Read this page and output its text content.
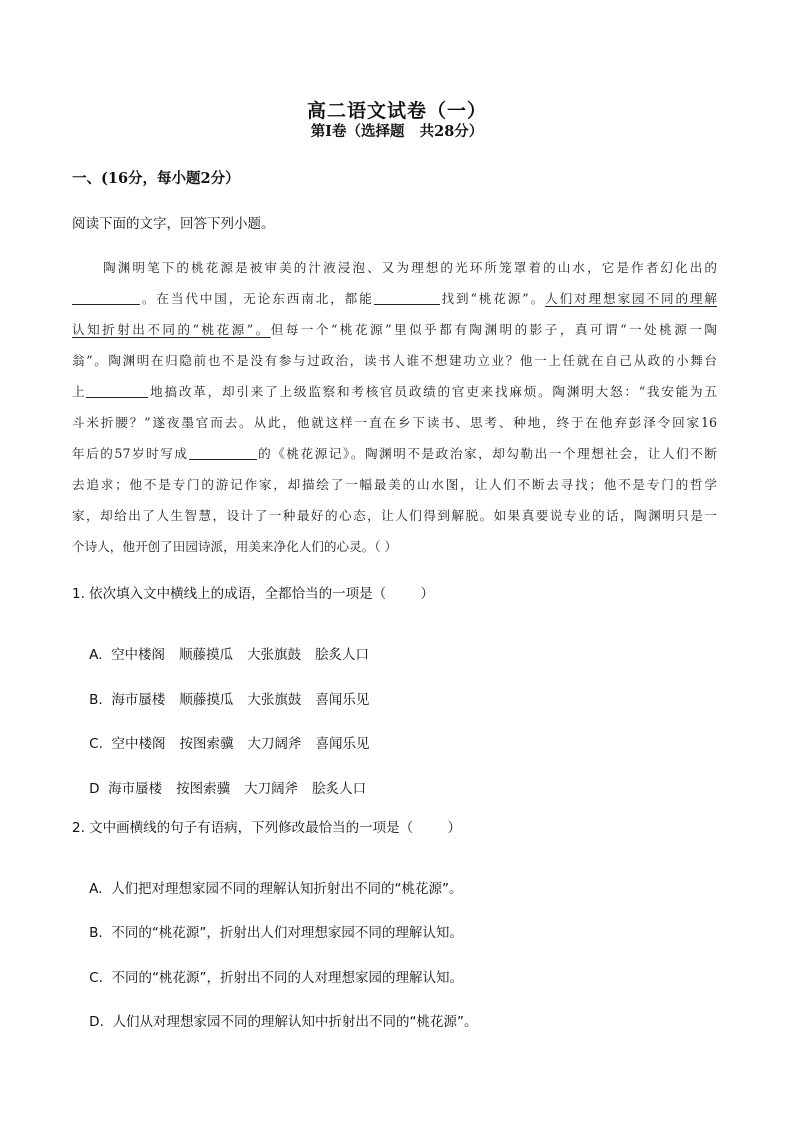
高二语文试卷（一）
第Ⅰ卷（选择题   共28分）
一、(16分，每小题2分）
阅读下面的文字，回答下列小题。
陶渊明笔下的桃花源是被审美的汁液浸泡、又为理想的光环所笼罩着的山水，它是作者幻化出的
。在当代中国，无论东西南北，都能	找到“桃花源”。人们对理想家园不同的理解
认知折射出不同的“桃花源”。但每一个“桃花源”里似乎都有陶渊明的影子，真可谓“一处桃源一陶
翁”。陶渊明在归隐前也不是没有参与过政治，读书人谁不想建功立业？他一上任就在自己从政的小舞台
上	地搞改革，却引来了上级监察和考核官员政绩的官吏来找麻烦。陶渊明大怒：“我安能为五
斗米折腰？”遂夜墨官而去。从此，他就这样一直在乡下读书、思考、种地，终于在他弃彭泽令回家16
年后的57岁时写成	的《桃花源记》。陶渊明不是政治家，却勾勒出一个理想社会，让人们不断
去追求；他不是专门的游记作家，却描绘了一幅最美的山水图，让人们不断去寻找；他不是专门的哲学
家，却给出了人生智慧，设计了一种最好的心态，让人们得到解脱。如果真要说专业的话，陶渊明只是一
个诗人，他开创了田园诗派，用美来净化人们的心灵。（ ）
1. 依次填入文中横线上的成语，全都恰当的一项是（        ）

A. 空中楼阁 顺藤摸瓜 大张旗鼓 脍炙人口

B. 海市蜃楼 顺藤摸瓜 大张旗鼓 喜闻乐见

C. 空中楼阁 按图索骥 大刀阔斧 喜闻乐见

D 海市蜃楼 按图索骥 大刀阔斧 脍炙人口

2. 文中画横线的句子有语病，下列修改最恰当的一项是（        ）

A. 人们把对理想家园不同的理解认知折射出不同的“桃花源”。

B. 不同的“桃花源”，折射出人们对理想家园不同的理解认知。

C. 不同的“桃花源”，折射出不同的人对理想家园的理解认知。

D. 人们从对理想家园不同的理解认知中折射出不同的“桃花源”。
